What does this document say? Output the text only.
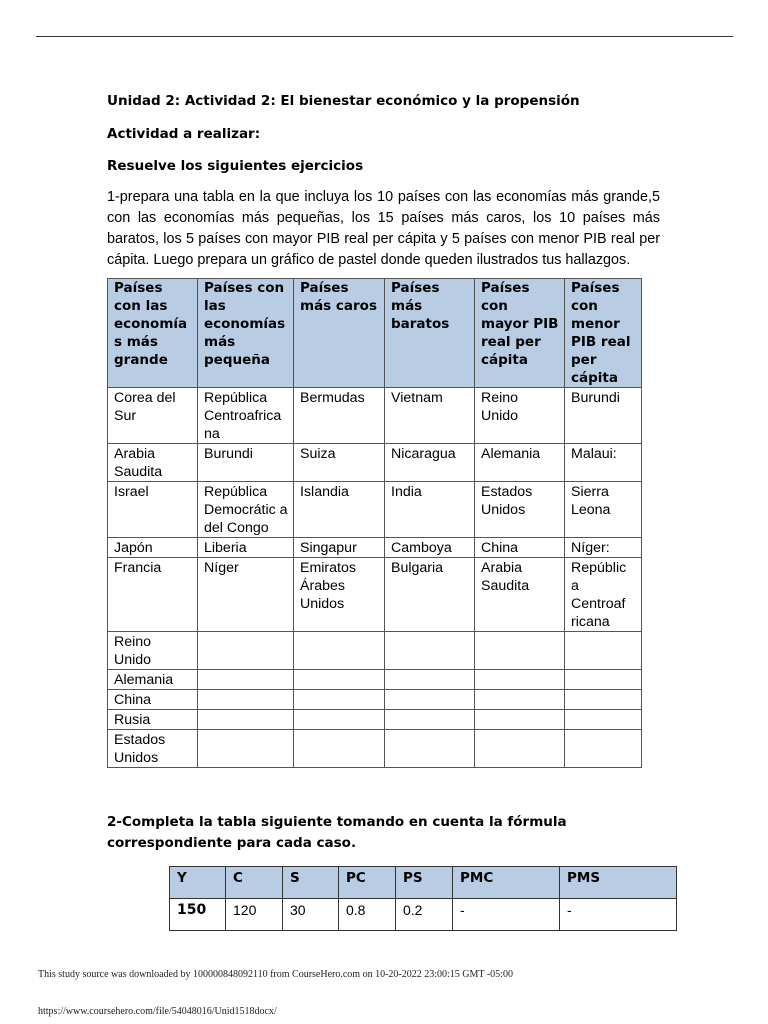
Unidad 2: Actividad 2: El bienestar económico y la propensión

Actividad a realizar:

Resuelve los siguientes ejercicios

1-prepara una tabla en la que incluya los 10 países con las economías más grande,5 con las economías más pequeñas, los 15 países más caros, los 10 países más baratos, los 5 países con mayor PIB real per cápita y 5 países con menor PIB real per cápita. Luego prepara un gráfico de pastel donde queden ilustrados tus hallazgos.

Países con las economía s más grande	Países con las economías más pequeña	Países más caros	Países más baratos	Países con mayor PIB real per cápita	Países con menor PIB real per cápita
Corea del Sur	República Centroafrica na	Bermudas	Vietnam	Reino Unido	Burundi
Arabia Saudita	Burundi	Suiza	Nicaragua	Alemania	Malaui:
Israel	República Democrátic a del Congo	Islandia	India	Estados Unidos	Sierra Leona
Japón	Liberia	Singapur	Camboya	China	Níger:
Francia	Níger	Emiratos Árabes Unidos	Bulgaria	Arabia Saudita	Repúblic a Centroaf ricana
Reino Unido					
Alemania					
China					
Rusia					
Estados Unidos					

2-Completa la tabla siguiente tomando en cuenta la fórmula correspondiente para cada caso.

Y	C	S	PC	PS	PMC	PMS
150	120	30	0.8	0.2	-	-
This study source was downloaded by 100000848092110 from CourseHero.com on 10-20-2022 23:00:15 GMT -05:00
https://www.coursehero.com/file/54048016/Unid1518docx/
